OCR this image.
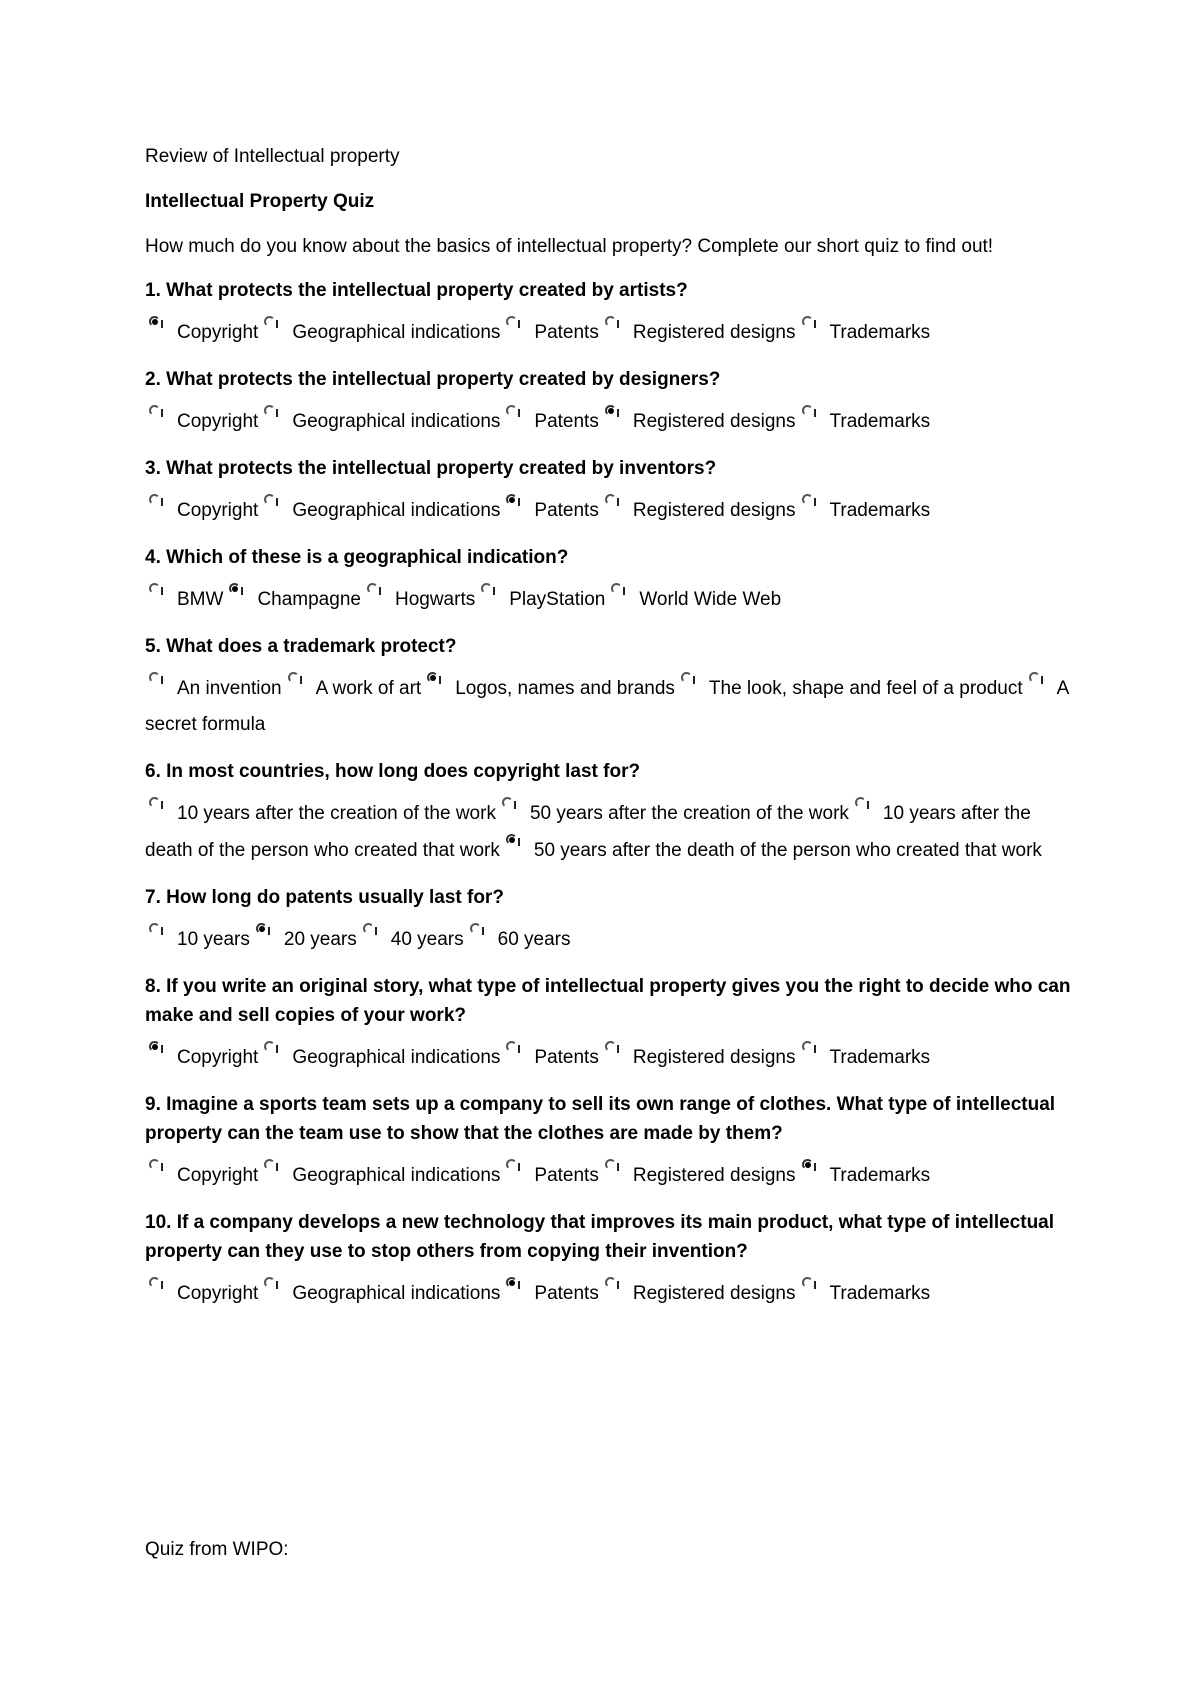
Review of Intellectual property
Intellectual Property Quiz
How much do you know about the basics of intellectual property? Complete our short quiz to find out!
1. What protects the intellectual property created by artists?
Copyright Geographical indications Patents Registered designs Trademarks
2. What protects the intellectual property created by designers?
Copyright Geographical indications Patents Registered designs Trademarks
3. What protects the intellectual property created by inventors?
Copyright Geographical indications Patents Registered designs Trademarks
4. Which of these is a geographical indication?
BMW Champagne Hogwarts PlayStation World Wide Web
5. What does a trademark protect?
An invention A work of art Logos, names and brands The look, shape and feel of a product A secret formula
6. In most countries, how long does copyright last for?
10 years after the creation of the work 50 years after the creation of the work 10 years after the death of the person who created that work 50 years after the death of the person who created that work
7. How long do patents usually last for?
10 years 20 years 40 years 60 years
8. If you write an original story, what type of intellectual property gives you the right to decide who can make and sell copies of your work?
Copyright Geographical indications Patents Registered designs Trademarks
9. Imagine a sports team sets up a company to sell its own range of clothes. What type of intellectual property can the team use to show that the clothes are made by them?
Copyright Geographical indications Patents Registered designs Trademarks
10. If a company develops a new technology that improves its main product, what type of intellectual property can they use to stop others from copying their invention?
Copyright Geographical indications Patents Registered designs Trademarks
Quiz from WIPO:
